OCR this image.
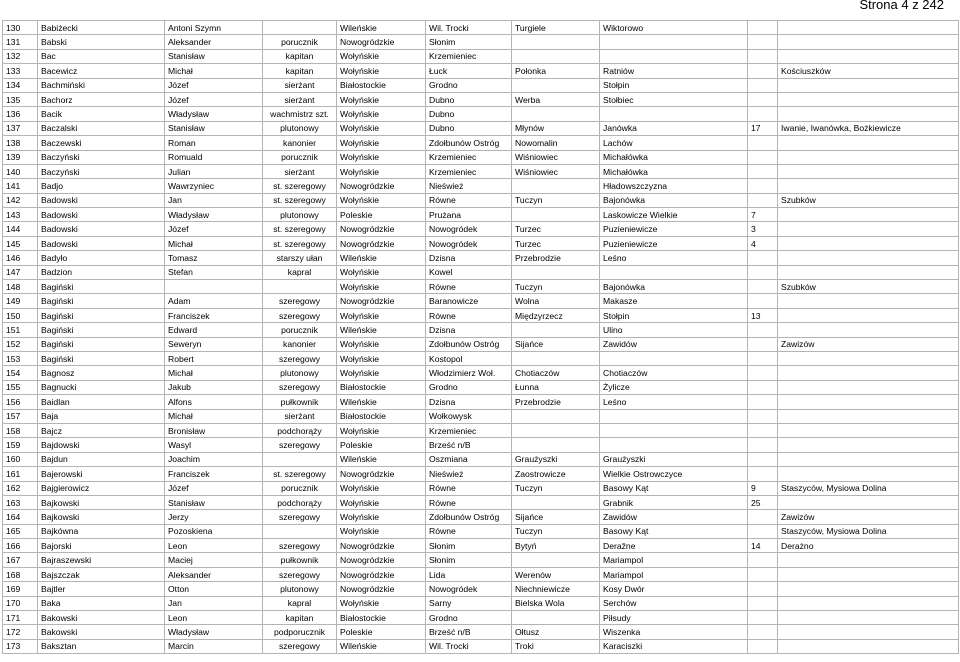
Strona 4 z 242
130	Babiżecki	Antoni Szymn		Wileńskie	Wil. Trocki	Turgiele	Wiktorowo		
131	Babski	Aleksander	porucznik	Nowogródzkie	Słonim				
132	Bac	Stanisław	kapitan	Wołyńskie	Krzemieniec				
133	Bacewicz	Michał	kapitan	Wołyńskie	Łuck	Połonka	Ratniów		Kościuszków
134	Bachmiński	Józef	sierżant	Białostockie	Grodno		Stołpin		
135	Bachorz	Józef	sierżant	Wołyńskie	Dubno	Werba	Stołbiec		
136	Bacik	Władysław	wachmistrz szt.	Wołyńskie	Dubno				
137	Baczalski	Stanisław	plutonowy	Wołyńskie	Dubno	Młynów	Janówka	17	Iwanie, Iwanówka, Bożkiewicze
138	Baczewski	Roman	kanonier	Wołyńskie	Zdołbunów Ostróg	Nowomalin	Lachów		
139	Baczyński	Romuald	porucznik	Wołyńskie	Krzemieniec	Wiśniowiec	Michałówka		
140	Baczyński	Julian	sierżant	Wołyńskie	Krzemieniec	Wiśniowiec	Michałówka		
141	Badjo	Wawrzyniec	st. szeregowy	Nowogródzkie	Nieśwież		Hładowszczyzna		
142	Badowski	Jan	st. szeregowy	Wołyńskie	Równe	Tuczyn	Bajonówka		Szubków
143	Badowski	Władysław	plutonowy	Poleskie	Prużana		Laskowicze Wielkie	7	
144	Badowski	Józef	st. szeregowy	Nowogródzkie	Nowogródek	Turzec	Puzieniewicze	3	
145	Badowski	Michał	st. szeregowy	Nowogródzkie	Nowogródek	Turzec	Puzieniewicze	4	
146	Badyło	Tomasz	starszy ułan	Wileńskie	Dzisna	Przebrodzie	Leśno		
147	Badzion	Stefan	kapral	Wołyńskie	Kowel				
148	Bagiński			Wołyńskie	Równe	Tuczyn	Bajonówka		Szubków
149	Bagiński	Adam	szeregowy	Nowogródzkie	Baranowicze	Wolna	Makasze		
150	Bagiński	Franciszek	szeregowy	Wołyńskie	Równe	Międzyrzecz	Stołpin	13	
151	Bagiński	Edward	porucznik	Wileńskie	Dzisna		Ulino		
152	Bagiński	Seweryn	kanonier	Wołyńskie	Zdołbunów Ostróg	Sijańce	Zawidów		Zawizów
153	Bagiński	Robert	szeregowy	Wołyńskie	Kostopol				
154	Bagnosz	Michał	plutonowy	Wołyńskie	Włodzimierz Woł.	Chotiaczów	Chotiaczów		
155	Bagnucki	Jakub	szeregowy	Białostockie	Grodno	Łunna	Żylicze		
156	Baidlan	Alfons	pułkownik	Wileńskie	Dzisna	Przebrodzie	Leśno		
157	Baja	Michał	sierżant	Białostockie	Wołkowysk				
158	Bajcz	Bronisław	podchorąży	Wołyńskie	Krzemieniec				
159	Bajdowski	Wasyl	szeregowy	Poleskie	Brześć n/B				
160	Bajdun	Joachim		Wileńskie	Oszmiana	Graużyszki	Graużyszki		
161	Bajerowski	Franciszek	st. szeregowy	Nowogródzkie	Nieśwież	Zaostrowicze	Wielkie Ostrowczyce		
162	Bajgierowicz	Józef	porucznik	Wołyńskie	Równe	Tuczyn	Basowy Kąt	9	Staszyców, Mysiowa Dolina
163	Bajkowski	Stanisław	podchorąży	Wołyńskie	Równe		Grabnik	25	
164	Bajkowski	Jerzy	szeregowy	Wołyńskie	Zdołbunów Ostróg	Sijańce	Zawidów		Zawizów
165	Bajkówna	Pozoskiena		Wołyńskie	Równe	Tuczyn	Basowy Kąt		Staszyców, Mysiowa Dolina
166	Bajorski	Leon	szeregowy	Nowogródzkie	Słonim	Bytyń	Deražne	14	Derażno
167	Bajraszewski	Maciej	pułkownik	Nowogródzkie	Słonim		Mariampol		
168	Bajszczak	Aleksander	szeregowy	Nowogródzkie	Lida	Werenów	Mariampol		
169	Bajtler	Otton	plutonowy	Nowogródzkie	Nowogródek	Niechniewicze	Kosy Dwór		
170	Baka	Jan	kapral	Wołyńskie	Sarny	Bielska Wola	Serchów		
171	Bakowski	Leon	kapitan	Białostockie	Grodno		Piłsudy		
172	Bakowski	Władysław	podporucznik	Poleskie	Brześć n/B	Ołtusz	Wiszenka		
173	Baksztan	Marcin	szeregowy	Wileńskie	Wil. Trocki	Troki	Karaciszki		
